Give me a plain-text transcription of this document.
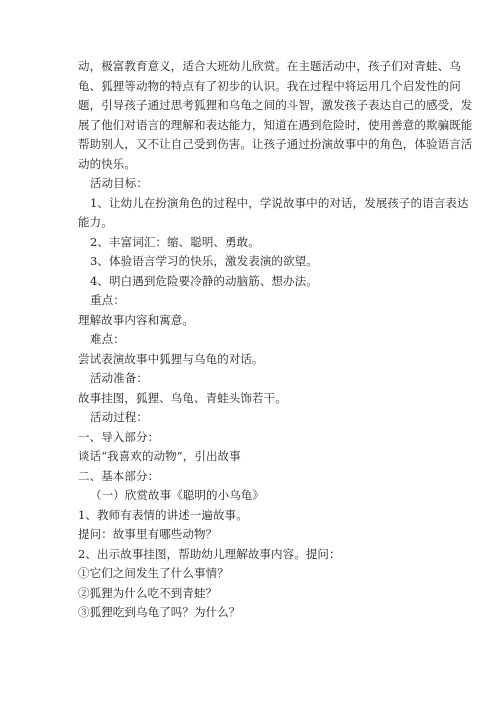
动，极富教育意义，适合大班幼儿欣赏。在主题活动中，孩子们对青蛙、乌
龟、狐狸等动物的特点有了初步的认识。我在过程中将运用几个启发性的问
题，引导孩子通过思考狐狸和乌龟之间的斗智，激发孩子表达自己的感受，发
展了他们对语言的理解和表达能力，知道在遇到危险时，使用善意的欺骗既能
帮助别人，又不让自己受到伤害。让孩子通过扮演故事中的角色，体验语言活
动的快乐。
活动目标：
1、让幼儿在扮演角色的过程中，学说故事中的对话，发展孩子的语言表达
能力。
2、丰富词汇：缩、聪明、勇敢。
3、体验语言学习的快乐，激发表演的欲望。
4、明白遇到危险要冷静的动脑筋、想办法。
重点：
理解故事内容和寓意。
难点：
尝试表演故事中狐狸与乌龟的对话。
活动准备：
故事挂图，狐狸、乌龟、青蛙头饰若干。
活动过程：
一、导入部分：
谈话“我喜欢的动物”，引出故事
二、基本部分：
（一）欣赏故事《聪明的小乌龟》
1、教师有表情的讲述一遍故事。
提问：故事里有哪些动物？
2、出示故事挂图，帮助幼儿理解故事内容。提问：
①它们之间发生了什么事情？
②狐狸为什么吃不到青蛙？
③狐狸吃到乌龟了吗？为什么？
